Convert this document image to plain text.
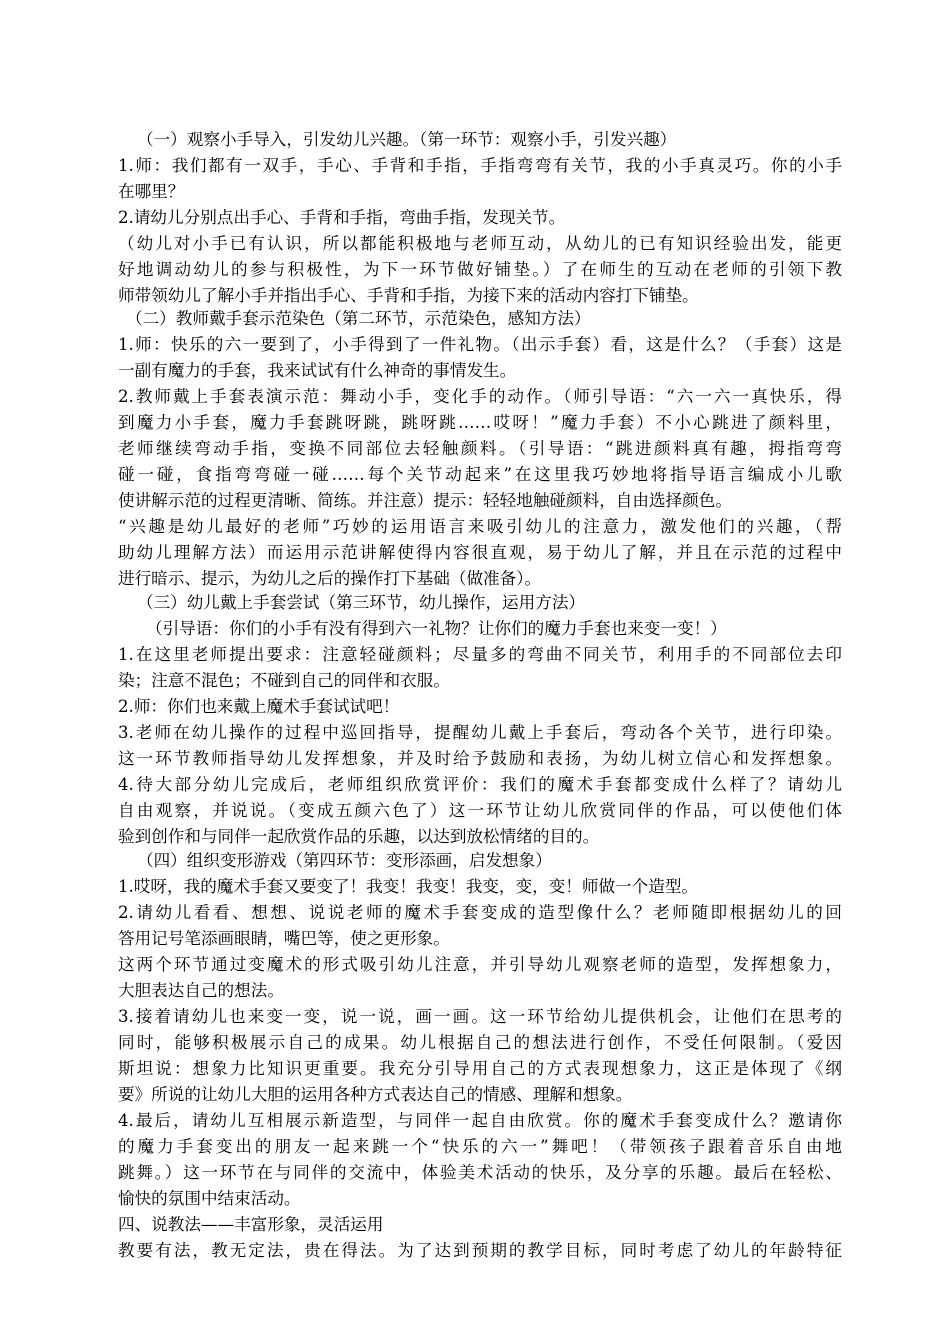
（一）观察小手导入，引发幼儿兴趣。（第一环节：观察小手，引发兴趣）
1.师：我们都有一双手，手心、手背和手指，手指弯弯有关节，我的小手真灵巧。你的小手
在哪里？
2.请幼儿分别点出手心、手背和手指，弯曲手指，发现关节。
（幼儿对小手已有认识，所以都能积极地与老师互动，从幼儿的已有知识经验出发，能更
好地调动幼儿的参与积极性，为下一环节做好铺垫。）了在师生的互动在老师的引领下教
师带领幼儿了解小手并指出手心、手背和手指，为接下来的活动内容打下铺垫。
（二）教师戴手套示范染色（第二环节，示范染色，感知方法）
1.师：快乐的六一要到了，小手得到了一件礼物。（出示手套）看，这是什么？（手套）这是
一副有魔力的手套，我来试试有什么神奇的事情发生。
2.教师戴上手套表演示范：舞动小手，变化手的动作。（师引导语：“六一六一真快乐，得
到魔力小手套，魔力手套跳呀跳，跳呀跳……哎呀！”魔力手套）不小心跳进了颜料里，
老师继续弯动手指，变换不同部位去轻触颜料。（引导语：“跳进颜料真有趣，拇指弯弯
碰一碰，食指弯弯碰一碰……每个关节动起来”在这里我巧妙地将指导语言编成小儿歌
使讲解示范的过程更清晰、简练。并注意）提示：轻轻地触碰颜料，自由选择颜色。
“兴趣是幼儿最好的老师”巧妙的运用语言来吸引幼儿的注意力，激发他们的兴趣，（帮
助幼儿理解方法）而运用示范讲解使得内容很直观，易于幼儿了解，并且在示范的过程中
进行暗示、提示，为幼儿之后的操作打下基础（做准备）。
（三）幼儿戴上手套尝试（第三环节，幼儿操作，运用方法）
（引导语：你们的小手有没有得到六一礼物？让你们的魔力手套也来变一变！）
1.在这里老师提出要求：注意轻碰颜料；尽量多的弯曲不同关节，利用手的不同部位去印
染；注意不混色；不碰到自己的同伴和衣服。
2.师：你们也来戴上魔术手套试试吧！
3.老师在幼儿操作的过程中巡回指导，提醒幼儿戴上手套后，弯动各个关节，进行印染。
这一环节教师指导幼儿发挥想象，并及时给予鼓励和表扬，为幼儿树立信心和发挥想象。
4.待大部分幼儿完成后，老师组织欣赏评价：我们的魔术手套都变成什么样了？请幼儿
自由观察，并说说。（变成五颜六色了）这一环节让幼儿欣赏同伴的作品，可以使他们体
验到创作和与同伴一起欣赏作品的乐趣，以达到放松情绪的目的。
（四）组织变形游戏（第四环节：变形添画，启发想象）
1.哎呀，我的魔术手套又要变了！我变！我变！我变，变，变！师做一个造型。
2.请幼儿看看、想想、说说老师的魔术手套变成的造型像什么？老师随即根据幼儿的回
答用记号笔添画眼睛，嘴巴等，使之更形象。
这两个环节通过变魔术的形式吸引幼儿注意，并引导幼儿观察老师的造型，发挥想象力，
大胆表达自己的想法。
3.接着请幼儿也来变一变，说一说，画一画。这一环节给幼儿提供机会，让他们在思考的
同时，能够积极展示自己的成果。幼儿根据自己的想法进行创作，不受任何限制。（爱因
斯坦说：想象力比知识更重要。我充分引导用自己的方式表现想象力，这正是体现了《纲
要》所说的让幼儿大胆的运用各种方式表达自己的情感、理解和想象。
4.最后，请幼儿互相展示新造型，与同伴一起自由欣赏。你的魔术手套变成什么？邀请你
的魔力手套变出的朋友一起来跳一个“快乐的六一”舞吧！（带领孩子跟着音乐自由地
跳舞。）这一环节在与同伴的交流中，体验美术活动的快乐，及分享的乐趣。最后在轻松、
愉快的氛围中结束活动。
四、说教法——丰富形象，灵活运用
教要有法，教无定法，贵在得法。为了达到预期的教学目标，同时考虑了幼儿的年龄特征
